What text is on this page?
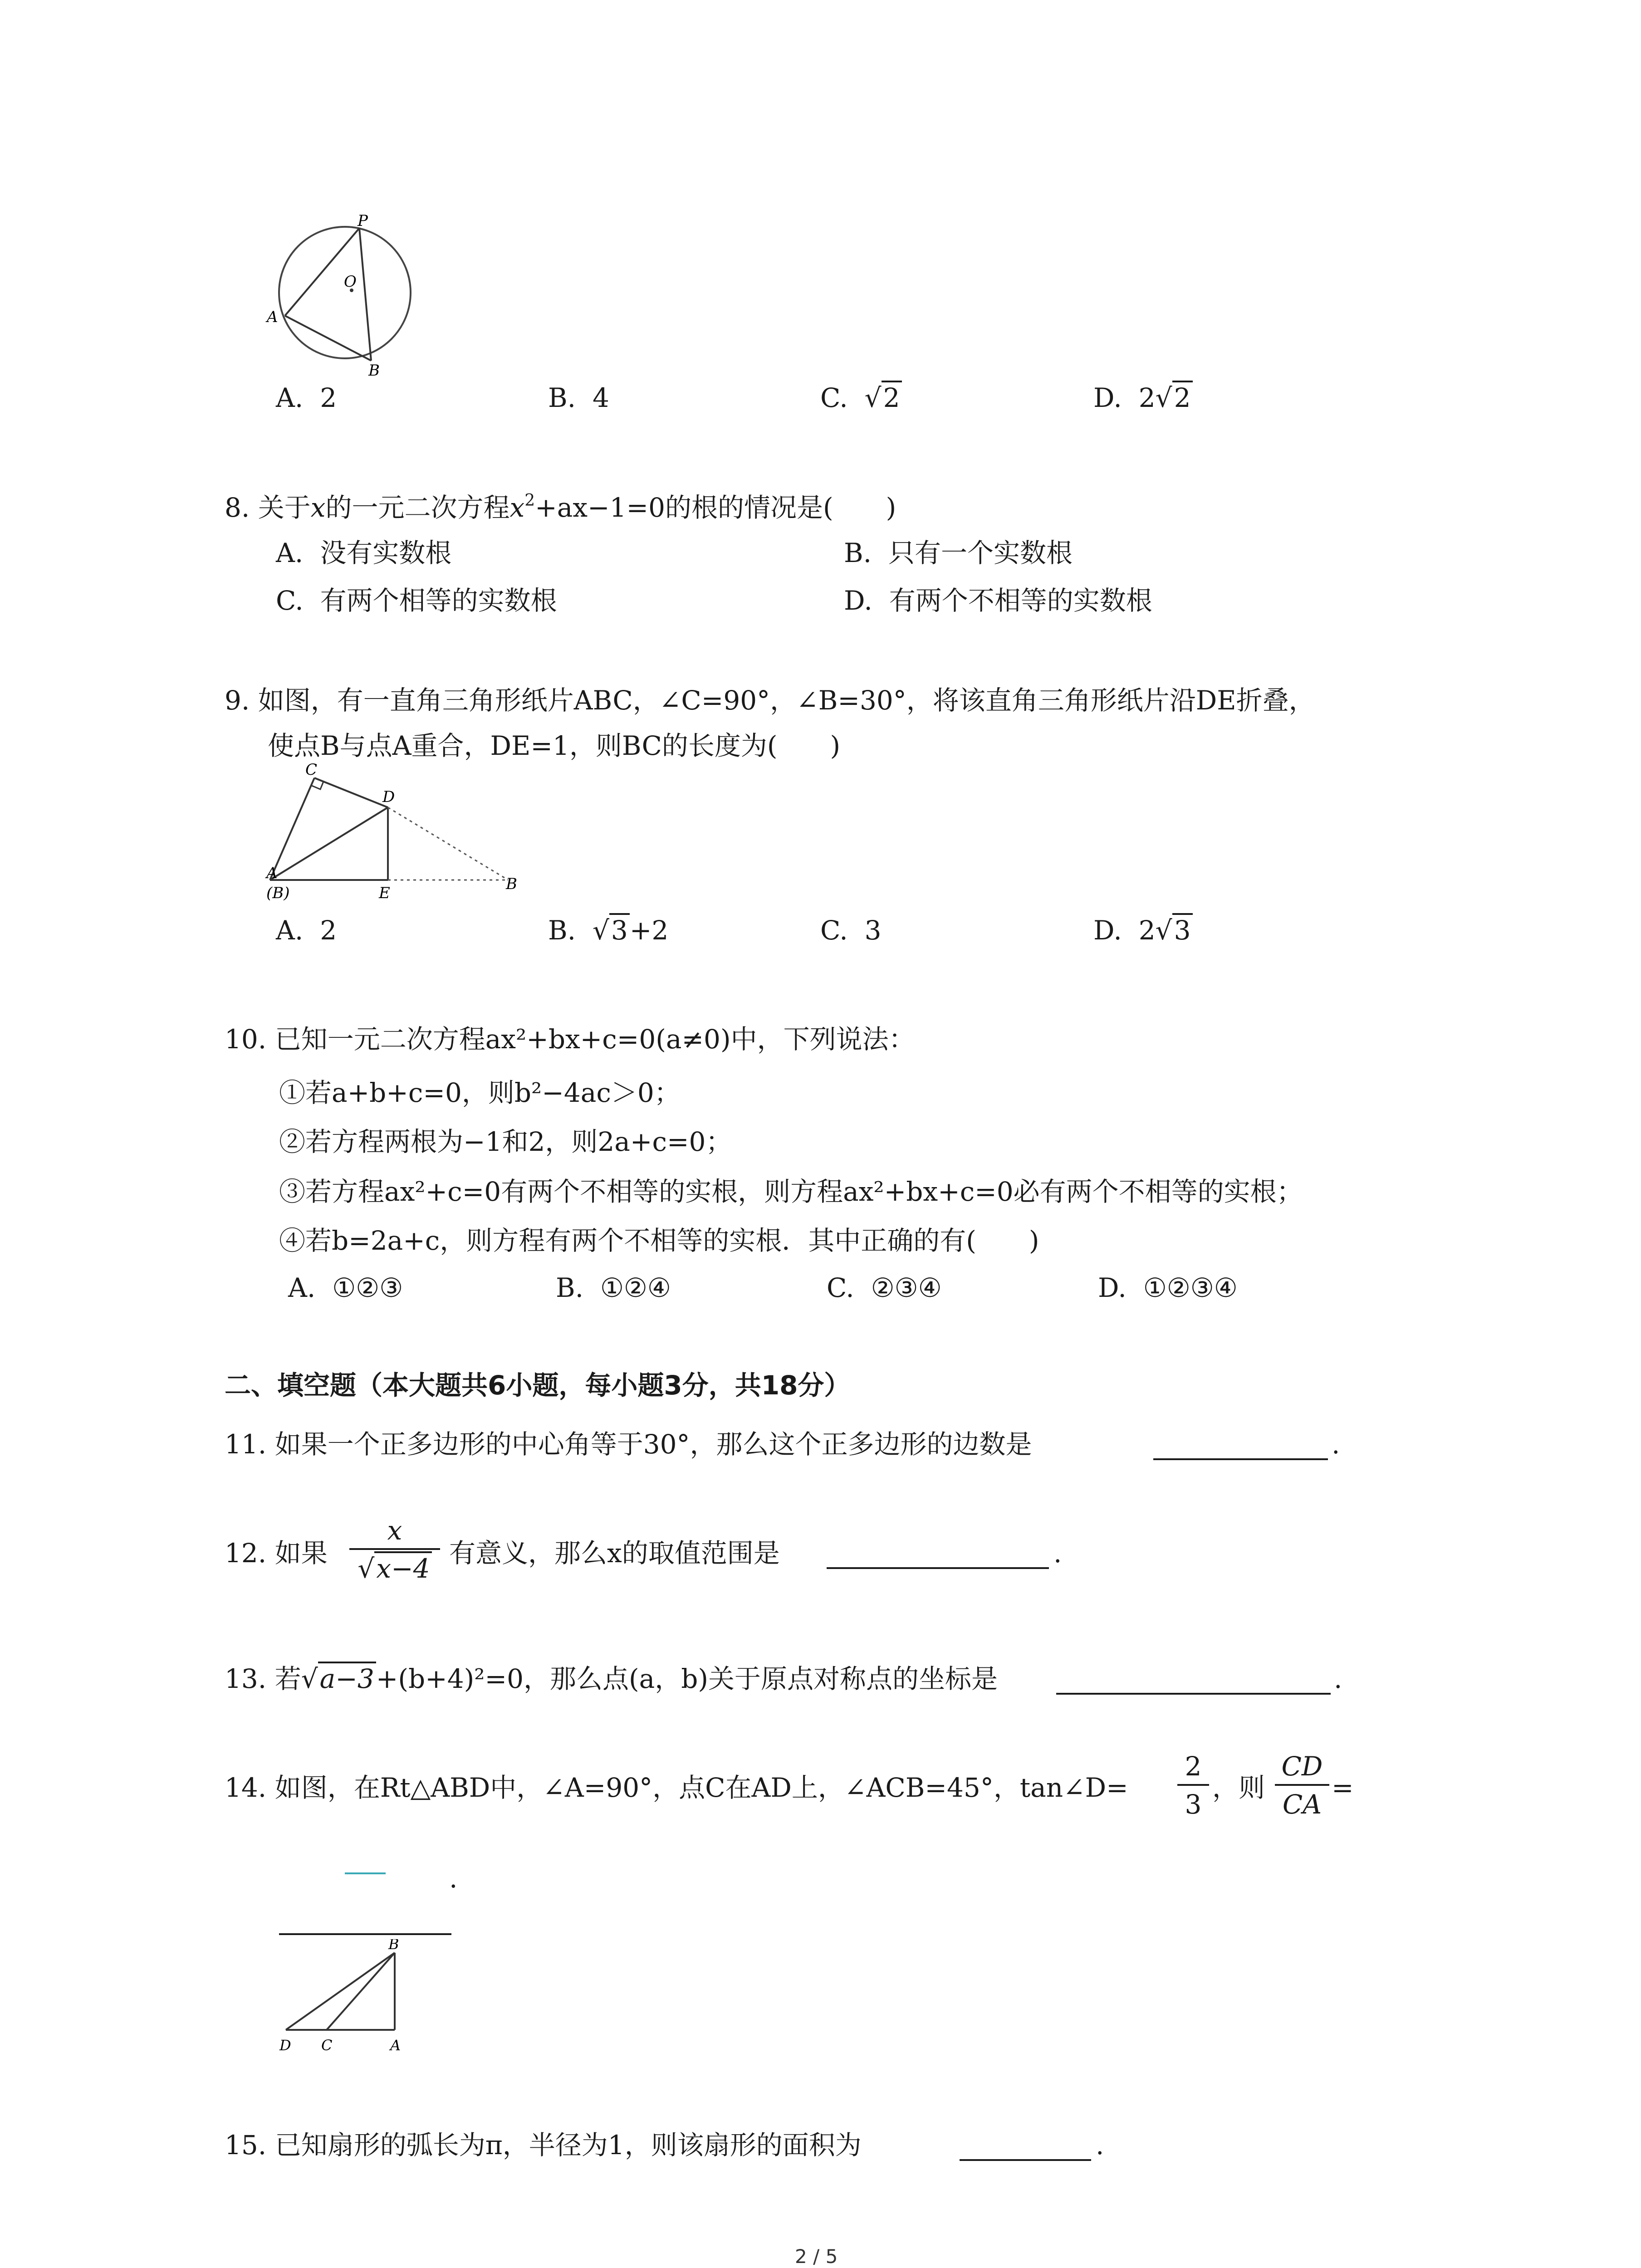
P
O
A
B
A. 2	B. 4	C. √2	D. 2√2
8. 关于x的一元二次方程$x^2+ax-1=0$的根的情况是(　　)
A. 没有实数根	B. 只有一个实数根
C. 有两个相等的实数根	D. 有两个不相等的实数根
9. 如图，有一直角三角形纸片ABC，∠C=90°，∠B=30°，将该直角三角形纸片沿DE折叠，
使点B与点A重合，DE=1，则BC的长度为(　　)
C
D
A
(B)	E	B
A. 2	B. √3+2	C. 3	D. 2√3
10. 已知一元二次方程ax²+bx+c=0(a≠0)中，下列说法：
①若a+b+c=0，则b²−4ac＞0；
②若方程两根为−1和2，则2a+c=0；
③若方程ax²+c=0有两个不相等的实根，则方程ax²+bx+c=0必有两个不相等的实根；
④若b=2a+c，则方程有两个不相等的实根．其中正确的有(　　)
A. ①②③	B. ①②④	C. ②③④	D. ①②③④
二、填空题（本大题共6小题，每小题3分，共18分）
11. 如果一个正多边形的中心角等于30°，那么这个正多边形的边数是	.
12. 如果 $\frac{x}{√x-4}$ 有意义，那么x的取值范围是	.
13. 若√a−3+(b+4)²=0，那么点(a，b)关于原点对称点的坐标是	.
14. 如图，在Rt△ABD中，∠A=90°，点C在AD上，∠ACB=45°，tan∠D= $\frac{2}{3}$ ，则 $\frac{CD}{CA}$ =
.
B
D C	A
15. 已知扇形的弧长为π，半径为1，则该扇形的面积为	.
2 / 5
